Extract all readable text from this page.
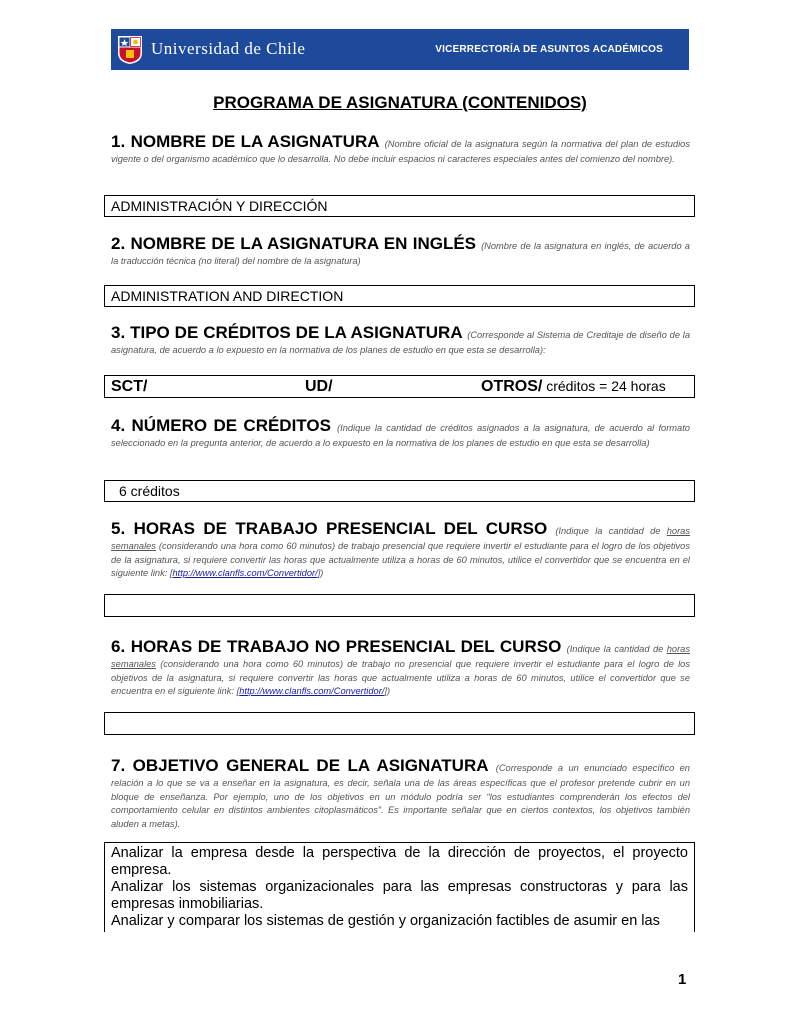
Universidad de Chile	VICERRECTORÍA DE ASUNTOS ACADÉMICOS
PROGRAMA DE ASIGNATURA (CONTENIDOS)
1. NOMBRE DE LA ASIGNATURA (Nombre oficial de la asignatura según la normativa del plan de estudios vigente o del organismo académico que lo desarrolla. No debe incluir espacios ni caracteres especiales antes del comienzo del nombre).
ADMINISTRACIÓN Y DIRECCIÓN
2. NOMBRE DE LA ASIGNATURA EN INGLÉS (Nombre de la asignatura en inglés, de acuerdo a la traducción técnica (no literal) del nombre de la asignatura)
ADMINISTRATION AND DIRECTION
3. TIPO DE CRÉDITOS DE LA ASIGNATURA (Corresponde al Sistema de Creditaje de diseño de la asignatura, de acuerdo a lo expuesto en la normativa de los planes de estudio en que esta se desarrolla):
SCT/	UD/	OTROS/ créditos = 24 horas
4. NÚMERO DE CRÉDITOS (Indique la cantidad de créditos asignados a la asignatura, de acuerdo al formato seleccionado en la pregunta anterior, de acuerdo a lo expuesto en la normativa de los planes de estudio en que esta se desarrolla)
6 créditos
5. HORAS DE TRABAJO PRESENCIAL DEL CURSO (Indique la cantidad de horas semanales (considerando una hora como 60 minutos) de trabajo presencial que requiere invertir el estudiante para el logro de los objetivos de la asignatura, si requiere convertir las horas que actualmente utiliza a horas de 60 minutos, utilice el convertidor que se encuentra en el siguiente link: [http://www.clanfls.com/Convertidor/])
6. HORAS DE TRABAJO NO PRESENCIAL DEL CURSO (Indique la cantidad de horas semanales (considerando una hora como 60 minutos) de trabajo no presencial que requiere invertir el estudiante para el logro de los objetivos de la asignatura, si requiere convertir las horas que actualmente utiliza a horas de 60 minutos, utilice el convertidor que se encuentra en el siguiente link: [http://www.clanfls.com/Convertidor/])
7. OBJETIVO GENERAL DE LA ASIGNATURA (Corresponde a un enunciado específico en relación a lo que se va a enseñar en la asignatura, es decir, señala una de las áreas específicas que el profesor pretende cubrir en un bloque de enseñanza. Por ejemplo, uno de los objetivos en un módulo podría ser “los estudiantes comprenderán los efectos del comportamiento celular en distintos ambientes citoplasmáticos”. Es importante señalar que en ciertos contextos, los objetivos también aluden a metas).

Analizar la empresa desde la perspectiva de la dirección de proyectos, el proyecto empresa.

Analizar los sistemas organizacionales para las empresas constructoras y para las empresas inmobiliarias.

Analizar y comparar los sistemas de gestión y organización factibles de asumir en las

1
